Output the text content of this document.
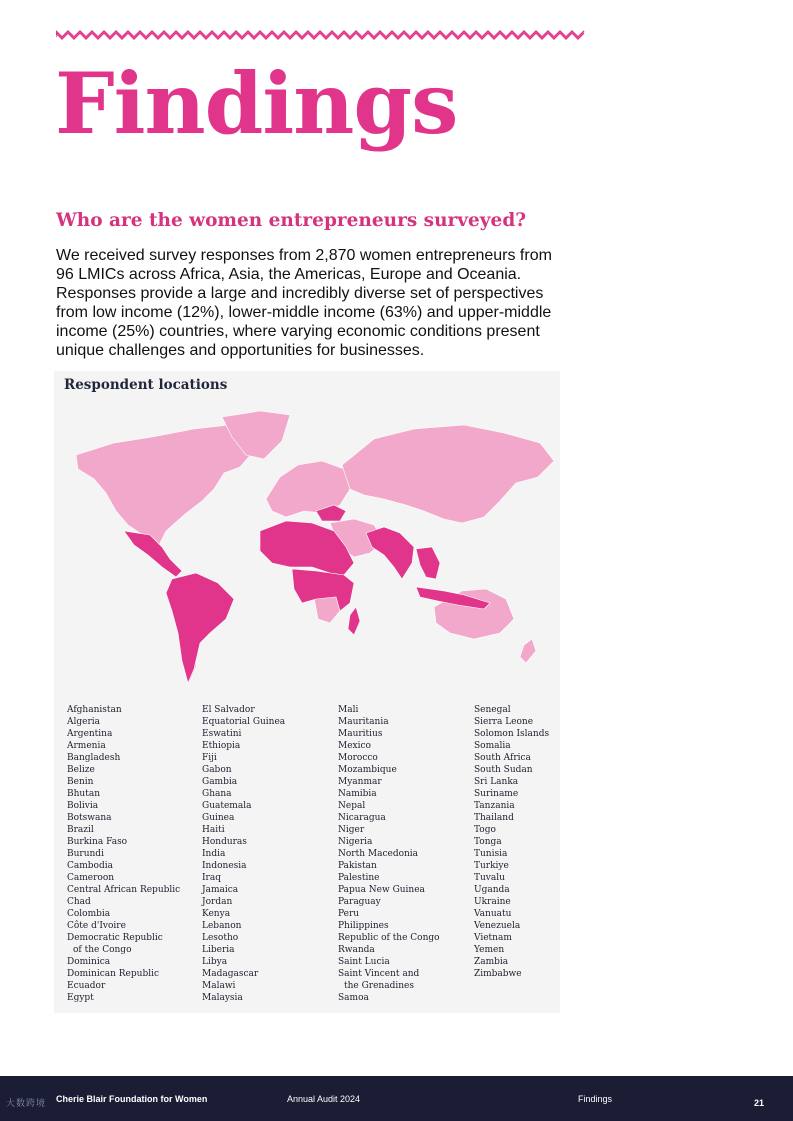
Findings
Who are the women entrepreneurs surveyed?

We received survey responses from 2,870 women entrepreneurs from 96 LMICs across Africa, Asia, the Americas, Europe and Oceania. Responses provide a large and incredibly diverse set of perspectives from low income (12%), lower-middle income (63%) and upper-middle income (25%) countries, where varying economic conditions present unique challenges and opportunities for businesses.

Respondent locations
Afghanistan
Algeria
Argentina
Armenia
Bangladesh
Belize
Benin
Bhutan
Bolivia
Botswana
Brazil
Burkina Faso
Burundi
Cambodia
Cameroon
Central African Republic
Chad
Colombia
Côte d'Ivoire
Democratic Republic
of the Congo
Dominica
Dominican Republic
Ecuador
Egypt
El Salvador
Equatorial Guinea
Eswatini
Ethiopia
Fiji
Gabon
Gambia
Ghana
Guatemala
Guinea
Haiti
Honduras
India
Indonesia
Iraq
Jamaica
Jordan
Kenya
Lebanon
Lesotho
Liberia
Libya
Madagascar
Malawi
Malaysia
Mali
Mauritania
Mauritius
Mexico
Morocco
Mozambique
Myanmar
Namibia
Nepal
Nicaragua
Niger
Nigeria
North Macedonia
Pakistan
Palestine
Papua New Guinea
Paraguay
Peru
Philippines
Republic of the Congo
Rwanda
Saint Lucia
Saint Vincent and
the Grenadines
Samoa
Senegal
Sierra Leone
Solomon Islands
Somalia
South Africa
South Sudan
Sri Lanka
Suriname
Tanzania
Thailand
Togo
Tonga
Tunisia
Turkiye
Tuvalu
Uganda
Ukraine
Vanuatu
Venezuela
Vietnam
Yemen
Zambia
Zimbabwe
大数跨境 Cherie Blair Foundation for Women	Annual Audit 2024	Findings	21
